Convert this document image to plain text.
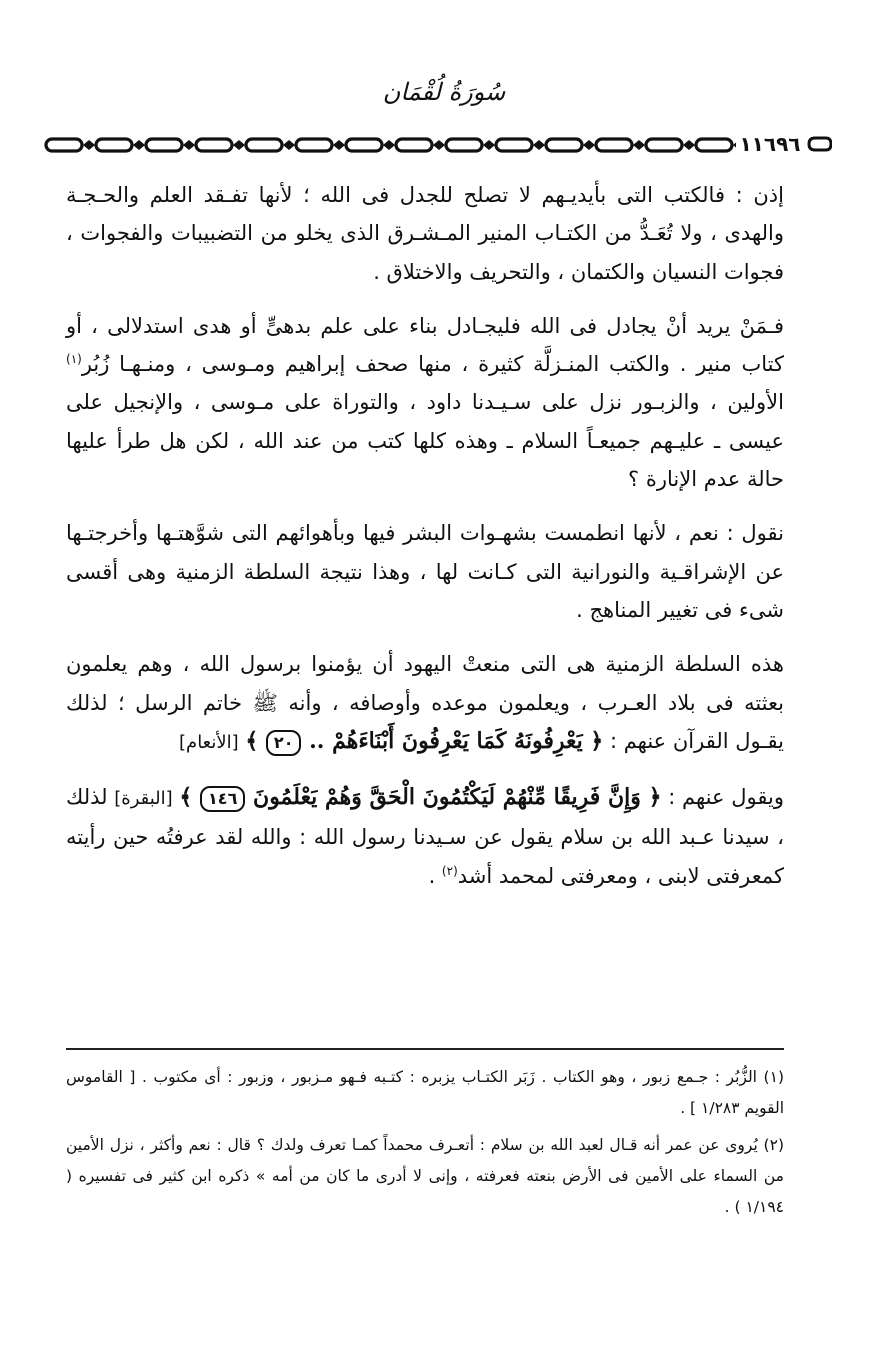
سُورَةُ لُقْمَان
١١٦٩٦

إذن : فالكتب التى بأيديـهم لا تصلح للجدل فى الله ؛ لأنها تفـقد العلم والحـجـة والهدى ، ولا تُعَـدُّ من الكتـاب المنير المـشـرق الذى يخلو من التضبيبات والفجوات ، فجوات النسيان والكتمان ، والتحريف والاختلاق .

فـمَنْ يريد أنْ يجادل فى الله فليجـادل بناء على علم بدهىٍّ أو هدى استدلالى ، أو كتاب منير . والكتب المنـزلَّة كثيرة ، منها صحف إبراهيم ومـوسى ، ومنـهـا زُبُر$^{(١)}$ الأولين ، والزبـور نزل على سـيـدنا داود ، والتوراة على مـوسى ، والإنجيل على عيسى ـ عليـهم جميعـاً السلام ـ وهذه كلها كتب من عند الله ، لكن هل طرأ عليها حالة عدم الإنارة ؟

نقول : نعم ، لأنها انطمست بشهـوات البشر فيها وبأهوائهم التى شوَّهتـها وأخرجتـها عن الإشراقـية والنورانية التى كـانت لها ، وهذا نتيجة السلطة الزمنية وهى أقسى شىء فى تغيير المناهج .

هذه السلطة الزمنية هى التى منعتْ اليهود أن يؤمنوا برسول الله ، وهم يعلمون بعثته فى بلاد العـرب ، ويعلمون موعده وأوصافه ، وأنه ﷺ خاتم الرسل ؛ لذلك يقـول القرآن عنهم : ﴿ يَعْرِفُونَهُ كَمَا يَعْرِفُونَ أَبْنَاءَهُمْ .. ٢٠ ﴾ [الأنعام]

ويقول عنهم : ﴿ وَإِنَّ فَرِيقًا مِّنْهُمْ لَيَكْتُمُونَ الْحَقَّ وَهُمْ يَعْلَمُونَ ١٤٦ ﴾ [البقرة] لذلك ، سيدنا عـبد الله بن سلام يقول عن سـيدنا رسول الله : والله لقد عرفتُه حين رأيته كمعرفتى لابنى ، ومعرفتى لمحمد أشد$^{(٢)}$ .

(١) الزُّبُر : جـمع زبور ، وهو الكتاب . زَبَر الكتـاب يزبره : كتـبه فـهو مـزبور ، وزبور : أى مكتوب . [ القاموس القويم ١/٢٨٣ ] .

(٢) يُروى عن عمر أنه قـال لعبد الله بن سلام : أتعـرف محمداً كمـا تعرف ولدك ؟ قال : نعم وأكثر ، نزل الأمين من السماء على الأمين فى الأرض بنعته فعرفته ، وإنى لا أدرى ما كان من أمه » ذكره ابن كثير فى تفسيره ( ١/١٩٤ ) .
